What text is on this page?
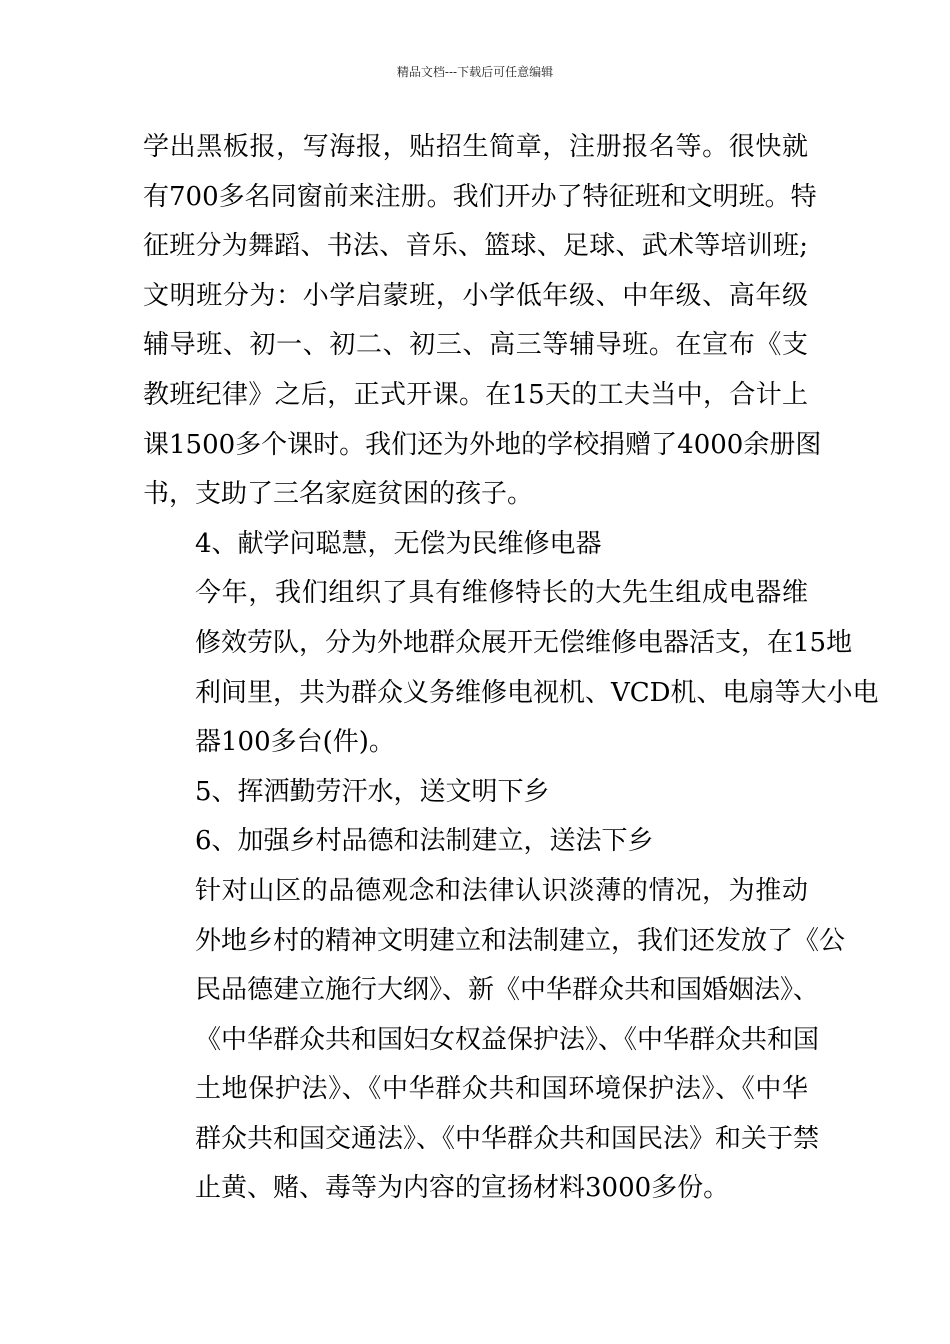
精品文档---下载后可任意编辑

学出黑板报，写海报，贴招生简章，注册报名等。很快就
有700多名同窗前来注册。我们开办了特征班和文明班。特
征班分为舞蹈、书法、音乐、篮球、足球、武术等培训班;
文明班分为：小学启蒙班，小学低年级、中年级、高年级
辅导班、初一、初二、初三、高三等辅导班。在宣布《支
教班纪律》之后，正式开课。在15天的工夫当中，合计上
课1500多个课时。我们还为外地的学校捐赠了4000余册图
书，支助了三名家庭贫困的孩子。

4、献学问聪慧，无偿为民维修电器

今年，我们组织了具有维修特长的大先生组成电器维
修效劳队，分为外地群众展开无偿维修电器活支，在15地
利间里，共为群众义务维修电视机、VCD机、电扇等大小电
器100多台(件)。

5、挥洒勤劳汗水，送文明下乡

6、加强乡村品德和法制建立，送法下乡

针对山区的品德观念和法律认识淡薄的情况，为推动
外地乡村的精神文明建立和法制建立，我们还发放了《公
民品德建立施行大纲》、新《中华群众共和国婚姻法》、
《中华群众共和国妇女权益保护法》、《中华群众共和国
土地保护法》、《中华群众共和国环境保护法》、《中华
群众共和国交通法》、《中华群众共和国民法》和关于禁
止黄、赌、毒等为内容的宣扬材料3000多份。
